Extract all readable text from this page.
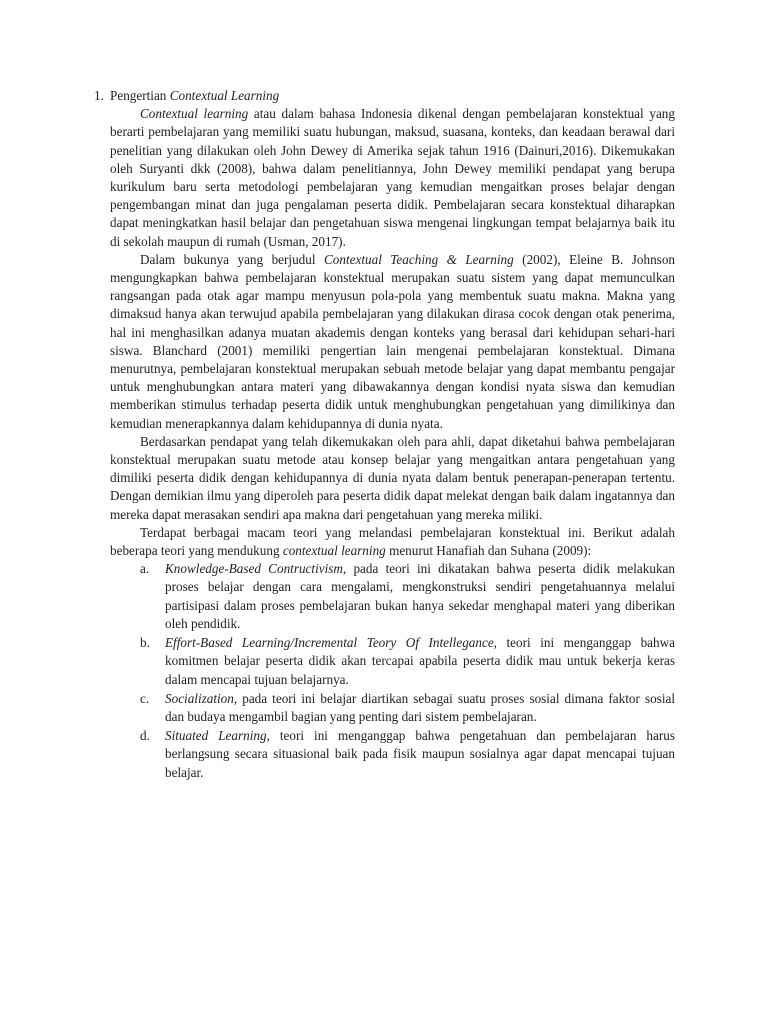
1. Pengertian Contextual Learning

Contextual learning atau dalam bahasa Indonesia dikenal dengan pembelajaran konstektual yang berarti pembelajaran yang memiliki suatu hubungan, maksud, suasana, konteks, dan keadaan berawal dari penelitian yang dilakukan oleh John Dewey di Amerika sejak tahun 1916 (Dainuri,2016). Dikemukakan oleh Suryanti dkk (2008), bahwa dalam penelitiannya, John Dewey memiliki pendapat yang berupa kurikulum baru serta metodologi pembelajaran yang kemudian mengaitkan proses belajar dengan pengembangan minat dan juga pengalaman peserta didik. Pembelajaran secara konstektual diharapkan dapat meningkatkan hasil belajar dan pengetahuan siswa mengenai lingkungan tempat belajarnya baik itu di sekolah maupun di rumah (Usman, 2017).

Dalam bukunya yang berjudul Contextual Teaching & Learning (2002), Eleine B. Johnson mengungkapkan bahwa pembelajaran konstektual merupakan suatu sistem yang dapat memunculkan rangsangan pada otak agar mampu menyusun pola-pola yang membentuk suatu makna. Makna yang dimaksud hanya akan terwujud apabila pembelajaran yang dilakukan dirasa cocok dengan otak penerima, hal ini menghasilkan adanya muatan akademis dengan konteks yang berasal dari kehidupan sehari-hari siswa. Blanchard (2001) memiliki pengertian lain mengenai pembelajaran konstektual. Dimana menurutnya, pembelajaran konstektual merupakan sebuah metode belajar yang dapat membantu pengajar untuk menghubungkan antara materi yang dibawakannya dengan kondisi nyata siswa dan kemudian memberikan stimulus terhadap peserta didik untuk menghubungkan pengetahuan yang dimilikinya dan kemudian menerapkannya dalam kehidupannya di dunia nyata.

Berdasarkan pendapat yang telah dikemukakan oleh para ahli, dapat diketahui bahwa pembelajaran konstektual merupakan suatu metode atau konsep belajar yang mengaitkan antara pengetahuan yang dimiliki peserta didik dengan kehidupannya di dunia nyata dalam bentuk penerapan-penerapan tertentu. Dengan demikian ilmu yang diperoleh para peserta didik dapat melekat dengan baik dalam ingatannya dan mereka dapat merasakan sendiri apa makna dari pengetahuan yang mereka miliki.

Terdapat berbagai macam teori yang melandasi pembelajaran konstektual ini. Berikut adalah beberapa teori yang mendukung contextual learning menurut Hanafiah dan Suhana (2009):

a. Knowledge-Based Contructivism, pada teori ini dikatakan bahwa peserta didik melakukan proses belajar dengan cara mengalami, mengkonstruksi sendiri pengetahuannya melalui partisipasi dalam proses pembelajaran bukan hanya sekedar menghapal materi yang diberikan oleh pendidik.
b. Effort-Based Learning/Incremental Teory Of Intellegance, teori ini menganggap bahwa komitmen belajar peserta didik akan tercapai apabila peserta didik mau untuk bekerja keras dalam mencapai tujuan belajarnya.
c. Socialization, pada teori ini belajar diartikan sebagai suatu proses sosial dimana faktor sosial dan budaya mengambil bagian yang penting dari sistem pembelajaran.
d. Situated Learning, teori ini menganggap bahwa pengetahuan dan pembelajaran harus berlangsung secara situasional baik pada fisik maupun sosialnya agar dapat mencapai tujuan belajar.
